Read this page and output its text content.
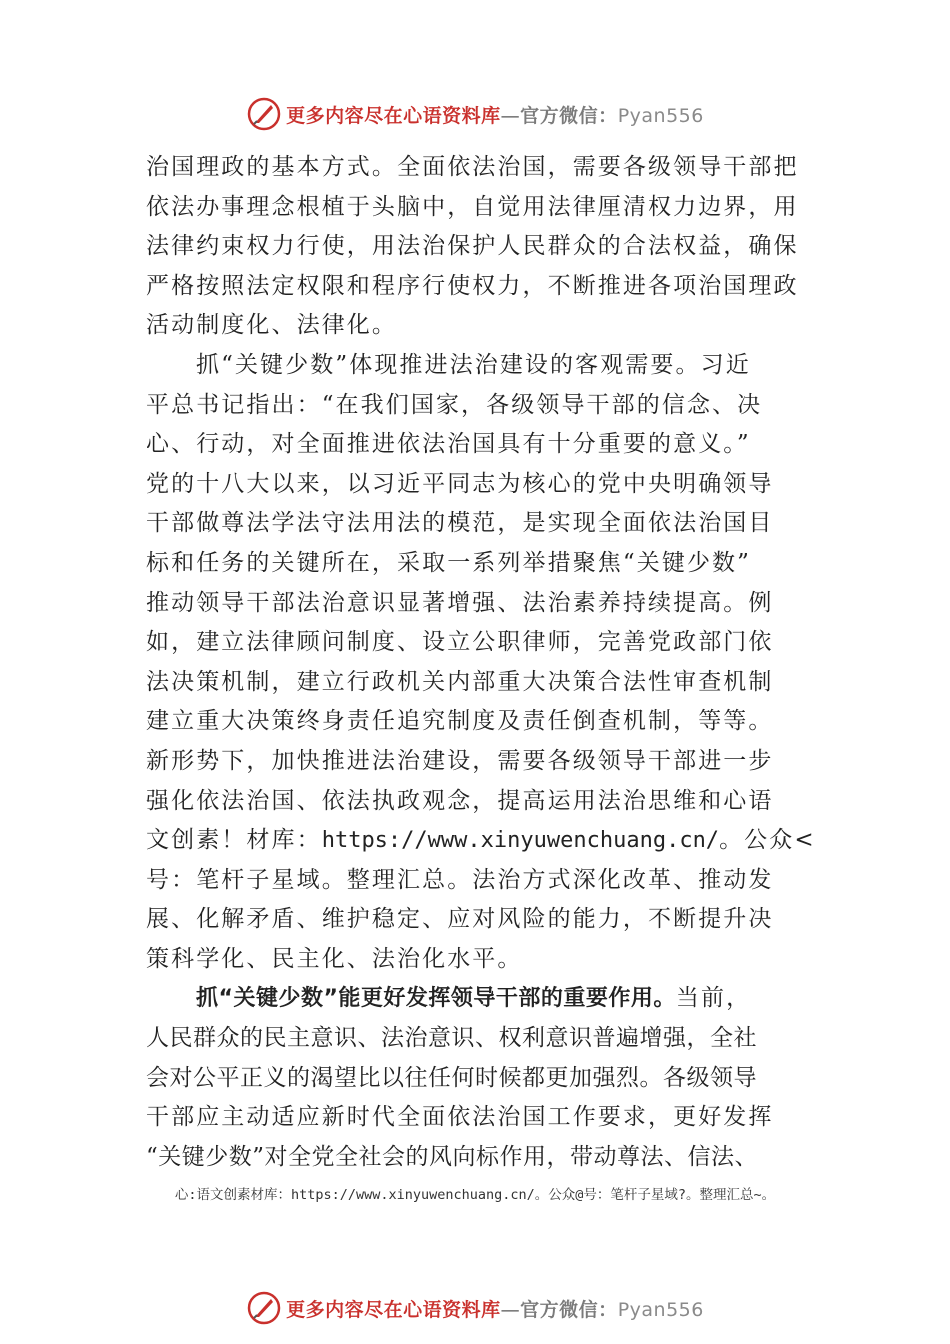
更多内容尽在心语资料库—官方微信：Pyan556
治国理政的基本方式。全面依法治国，需要各级领导干部把
依法办事理念根植于头脑中，自觉用法律厘清权力边界，用
法律约束权力行使，用法治保护人民群众的合法权益，确保
严格按照法定权限和程序行使权力，不断推进各项治国理政
活动制度化、法律化。
抓“关键少数”体现推进法治建设的客观需要。习近
平总书记指出：“在我们国家，各级领导干部的信念、决
心、行动，对全面推进依法治国具有十分重要的意义。”
党的十八大以来，以习近平同志为核心的党中央明确领导
干部做尊法学法守法用法的模范，是实现全面依法治国目
标和任务的关键所在，采取一系列举措聚焦“关键少数”
推动领导干部法治意识显著增强、法治素养持续提高。例
如，建立法律顾问制度、设立公职律师，完善党政部门依
法决策机制，建立行政机关内部重大决策合法性审查机制
建立重大决策终身责任追究制度及责任倒查机制，等等。
新形势下，加快推进法治建设，需要各级领导干部进一步
强化依法治国、依法执政观念，提高运用法治思维和心语
文创素！材库：https://www.xinyuwenchuang.cn/。公众<
号：笔杆子星域。整理汇总。法治方式深化改革、推动发
展、化解矛盾、维护稳定、应对风险的能力，不断提升决
策科学化、民主化、法治化水平。
抓“关键少数”能更好发挥领导干部的重要作用。当前，
人民群众的民主意识、法治意识、权利意识普遍增强，全社
会对公平正义的渴望比以往任何时候都更加强烈。各级领导
干部应主动适应新时代全面依法治国工作要求，更好发挥
“关键少数”对全党全社会的风向标作用，带动尊法、信法、
心:语文创素材库：https://www.xinyuwenchuang.cn/。公众@号：笔杆子星域?。整理汇总~。
更多内容尽在心语资料库—官方微信：Pyan556
